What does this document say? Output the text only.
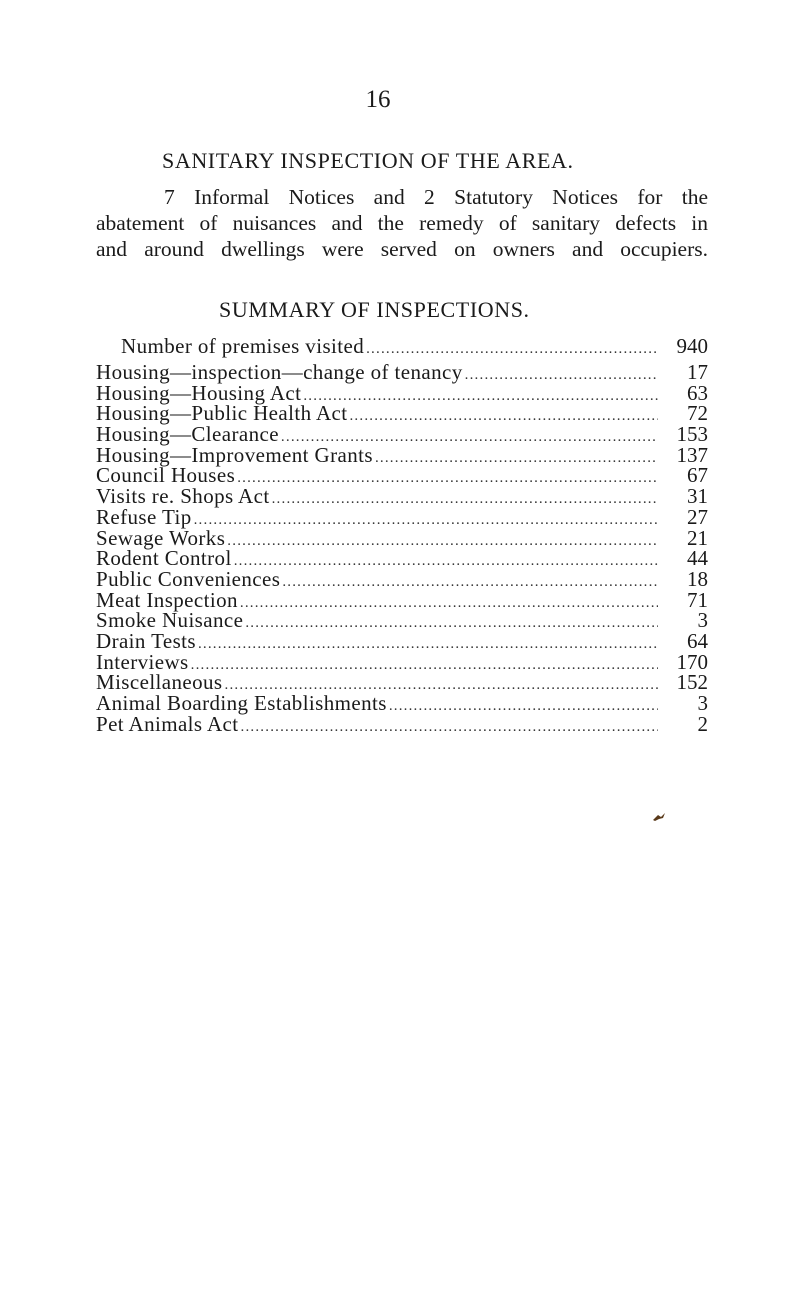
16
SANITARY INSPECTION OF THE AREA.
7 Informal Notices and 2 Statutory Notices for the
abatement of nuisances and the remedy of sanitary defects in
and around dwellings were served on owners and occupiers.
SUMMARY OF INSPECTIONS.
Number of premises visited .....	940
Housing—inspection—change of tenancy .....	17
Housing—Housing Act .....	63
Housing—Public Health Act .....	72
Housing—Clearance .....	153
Housing—Improvement Grants .....	137
Council Houses .....	67
Visits re. Shops Act .....	31
Refuse Tip .....	27
Sewage Works .....	21
Rodent Control .....	44
Public Conveniences .....	18
Meat Inspection .....	71
Smoke Nuisance .....	3
Drain Tests .....	64
Interviews .....	170
Miscellaneous .....	152
Animal Boarding Establishments .....	3
Pet Animals Act .....	2
